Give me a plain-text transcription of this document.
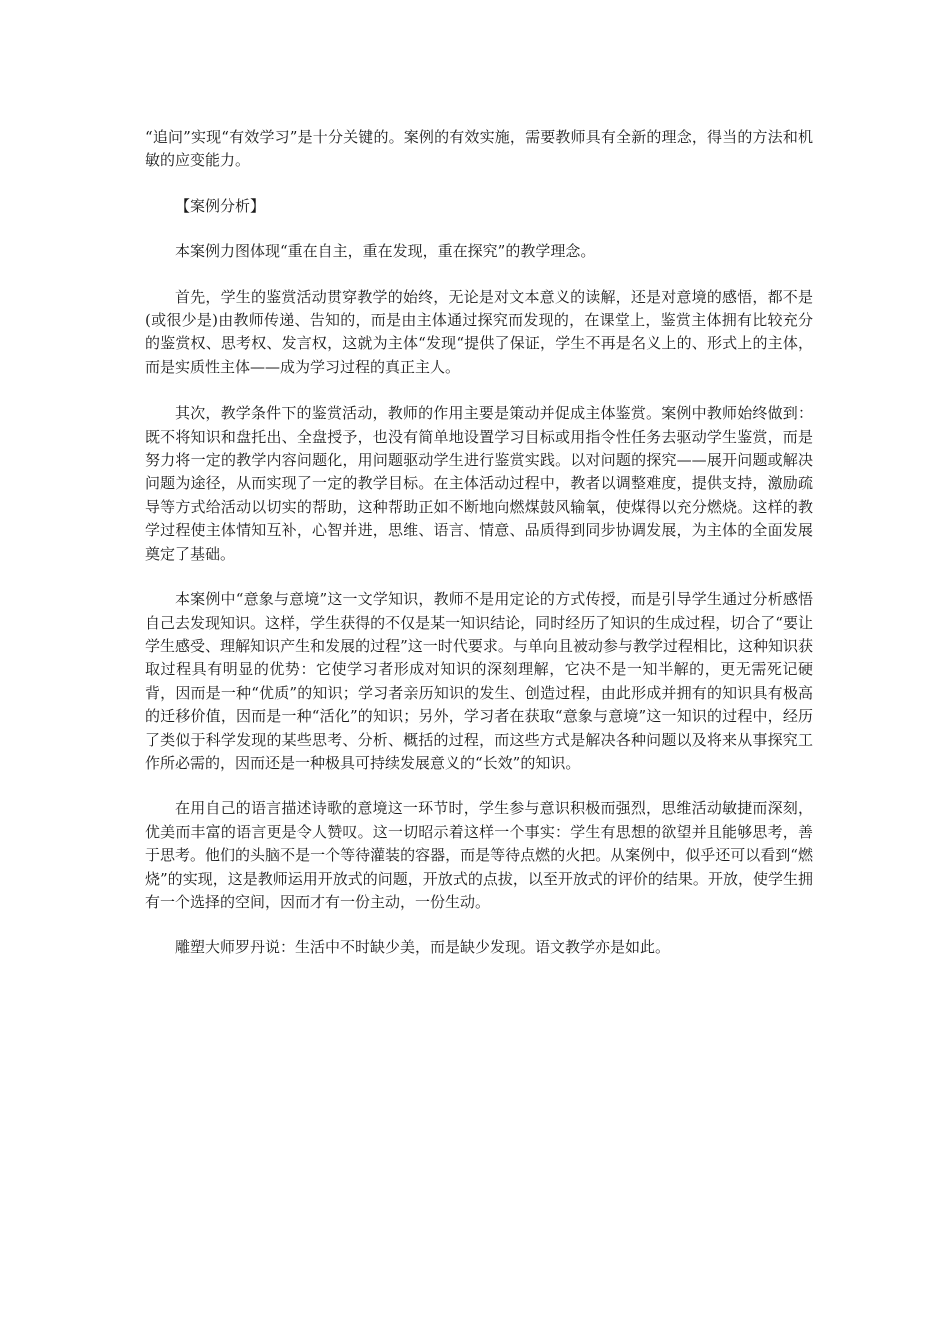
“追问”实现“有效学习”是十分关键的。案例的有效实施，需要教师具有全新的理念，得当的方法和机敏的应变能力。

【案例分析】

本案例力图体现“重在自主，重在发现，重在探究”的教学理念。

首先，学生的鉴赏活动贯穿教学的始终，无论是对文本意义的读解，还是对意境的感悟，都不是(或很少是)由教师传递、告知的，而是由主体通过探究而发现的，在课堂上，鉴赏主体拥有比较充分的鉴赏权、思考权、发言权，这就为主体“发现“提供了保证，学生不再是名义上的、形式上的主体，而是实质性主体——成为学习过程的真正主人。

其次，教学条件下的鉴赏活动，教师的作用主要是策动并促成主体鉴赏。案例中教师始终做到：既不将知识和盘托出、全盘授予，也没有简单地设置学习目标或用指令性任务去驱动学生鉴赏，而是努力将一定的教学内容问题化，用问题驱动学生进行鉴赏实践。以对问题的探究——展开问题或解决问题为途径，从而实现了一定的教学目标。在主体活动过程中，教者以调整难度，提供支持，激励疏导等方式给活动以切实的帮助，这种帮助正如不断地向燃煤鼓风输氧，使煤得以充分燃烧。这样的教学过程使主体情知互补，心智并进，思维、语言、情意、品质得到同步协调发展，为主体的全面发展奠定了基础。

本案例中“意象与意境”这一文学知识，教师不是用定论的方式传授，而是引导学生通过分析感悟自己去发现知识。这样，学生获得的不仅是某一知识结论，同时经历了知识的生成过程，切合了“要让学生感受、理解知识产生和发展的过程”这一时代要求。与单向且被动参与教学过程相比，这种知识获取过程具有明显的优势：它使学习者形成对知识的深刻理解，它决不是一知半解的，更无需死记硬背，因而是一种“优质”的知识；学习者亲历知识的发生、创造过程，由此形成并拥有的知识具有极高的迁移价值，因而是一种“活化”的知识；另外，学习者在获取“意象与意境”这一知识的过程中，经历了类似于科学发现的某些思考、分析、概括的过程，而这些方式是解决各种问题以及将来从事探究工作所必需的，因而还是一种极具可持续发展意义的“长效”的知识。

在用自己的语言描述诗歌的意境这一环节时，学生参与意识积极而强烈，思维活动敏捷而深刻，优美而丰富的语言更是令人赞叹。这一切昭示着这样一个事实：学生有思想的欲望并且能够思考，善于思考。他们的头脑不是一个等待灌装的容器，而是等待点燃的火把。从案例中，似乎还可以看到“燃烧”的实现，这是教师运用开放式的问题，开放式的点拔，以至开放式的评价的结果。开放，使学生拥有一个选择的空间，因而才有一份主动，一份生动。

雕塑大师罗丹说：生活中不时缺少美，而是缺少发现。语文教学亦是如此。
